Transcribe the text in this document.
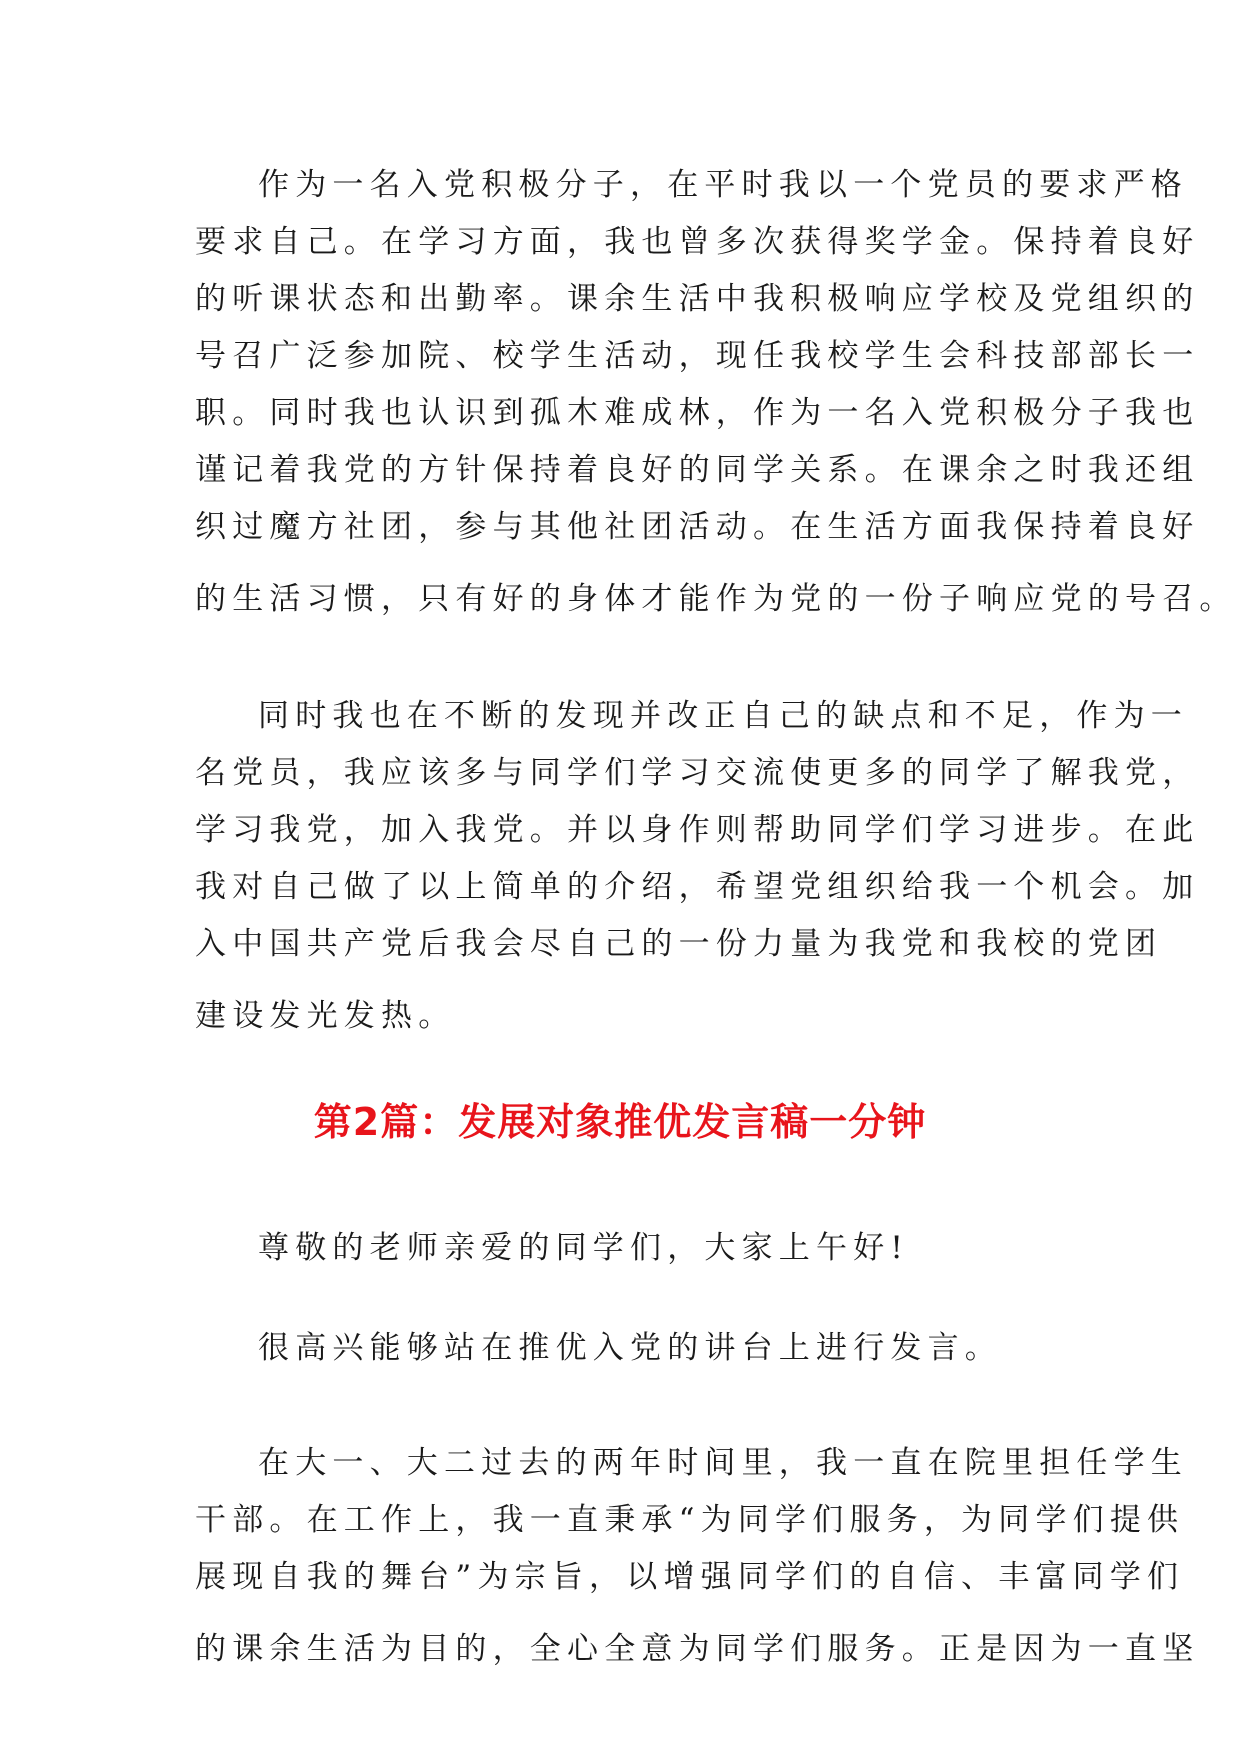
作为一名入党积极分子，在平时我以一个党员的要求严格
要求自己。在学习方面，我也曾多次获得奖学金。保持着良好
的听课状态和出勤率。课余生活中我积极响应学校及党组织的
号召广泛参加院、校学生活动，现任我校学生会科技部部长一
职。同时我也认识到孤木难成林，作为一名入党积极分子我也
谨记着我党的方针保持着良好的同学关系。在课余之时我还组
织过魔方社团，参与其他社团活动。在生活方面我保持着良好
的生活习惯，只有好的身体才能作为党的一份子响应党的号召。
同时我也在不断的发现并改正自己的缺点和不足，作为一
名党员，我应该多与同学们学习交流使更多的同学了解我党，
学习我党，加入我党。并以身作则帮助同学们学习进步。在此
我对自己做了以上简单的介绍，希望党组织给我一个机会。加
入中国共产党后我会尽自己的一份力量为我党和我校的党团
建设发光发热。
第2篇：发展对象推优发言稿一分钟
尊敬的老师亲爱的同学们，大家上午好!
很高兴能够站在推优入党的讲台上进行发言。
在大一、大二过去的两年时间里，我一直在院里担任学生
干部。在工作上，我一直秉承“为同学们服务，为同学们提供
展现自我的舞台”为宗旨，以增强同学们的自信、丰富同学们
的课余生活为目的，全心全意为同学们服务。正是因为一直坚
